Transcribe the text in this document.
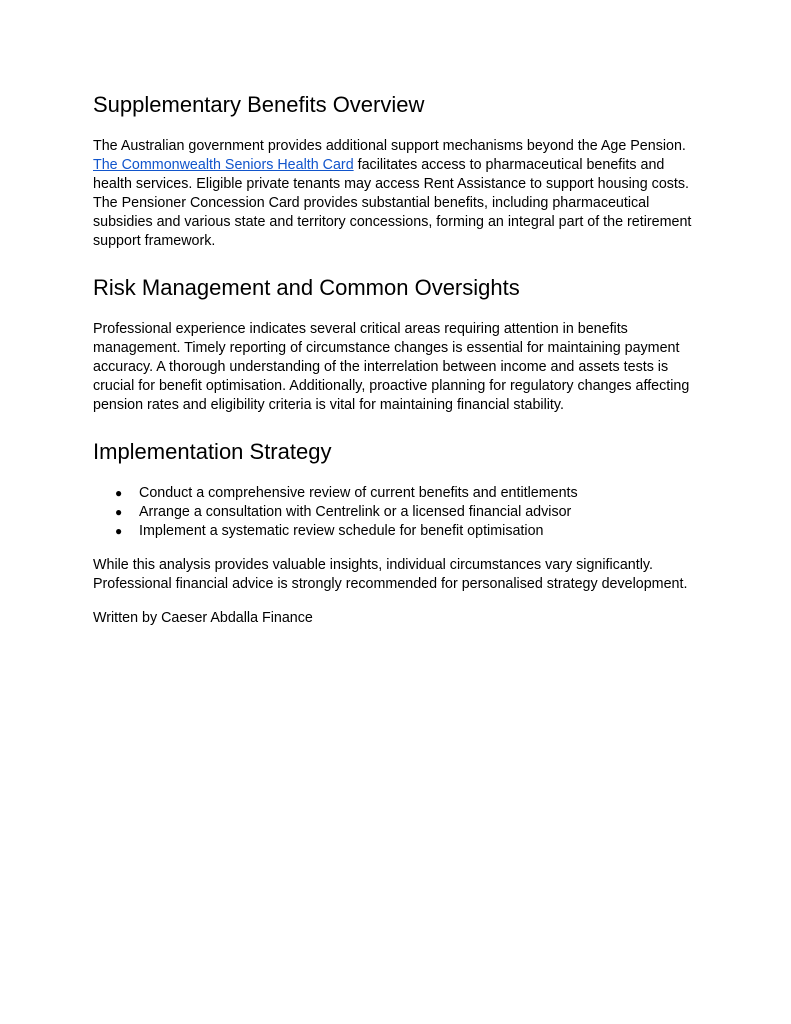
Supplementary Benefits Overview

The Australian government provides additional support mechanisms beyond the Age Pension. The Commonwealth Seniors Health Card facilitates access to pharmaceutical benefits and health services. Eligible private tenants may access Rent Assistance to support housing costs. The Pensioner Concession Card provides substantial benefits, including pharmaceutical subsidies and various state and territory concessions, forming an integral part of the retirement support framework.

Risk Management and Common Oversights

Professional experience indicates several critical areas requiring attention in benefits management. Timely reporting of circumstance changes is essential for maintaining payment accuracy. A thorough understanding of the interrelation between income and assets tests is crucial for benefit optimisation. Additionally, proactive planning for regulatory changes affecting pension rates and eligibility criteria is vital for maintaining financial stability.

Implementation Strategy
● Conduct a comprehensive review of current benefits and entitlements
● Arrange a consultation with Centrelink or a licensed financial advisor
● Implement a systematic review schedule for benefit optimisation

While this analysis provides valuable insights, individual circumstances vary significantly. Professional financial advice is strongly recommended for personalised strategy development.

Written by Caeser Abdalla Finance
